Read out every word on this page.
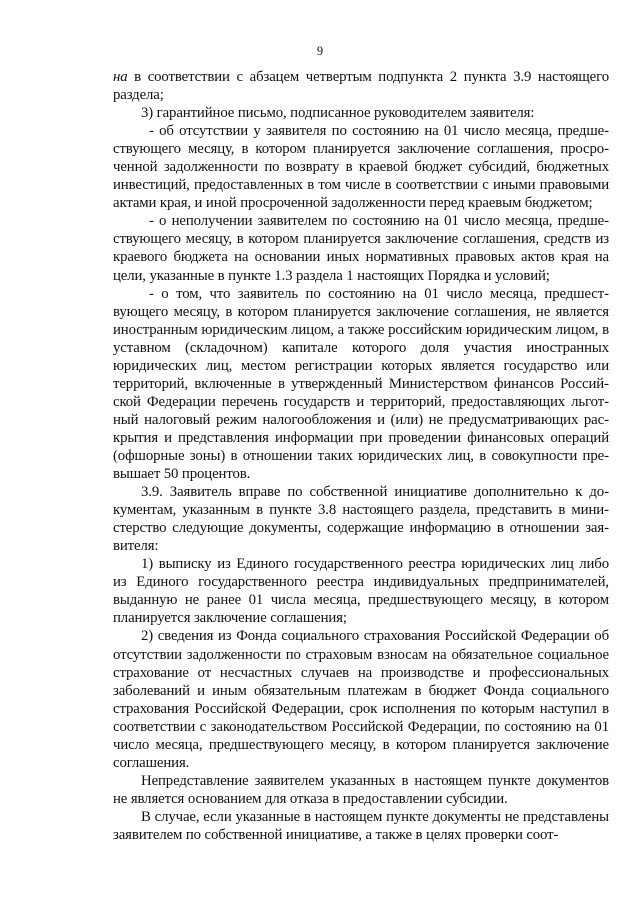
9

на в соответствии с абзацем четвертым подпункта 2 пункта 3.9 настоящего раздела;

3) гарантийное письмо, подписанное руководителем заявителя:

- об отсутствии у заявителя по состоянию на 01 число месяца, предшествующего месяцу, в котором планируется заключение соглашения, просроченной задолженности по возврату в краевой бюджет субсидий, бюджетных инвестиций, предоставленных в том числе в соответствии с иными правовыми актами края, и иной просроченной задолженности перед краевым бюджетом;

- о неполучении заявителем по состоянию на 01 число месяца, предшествующего месяцу, в котором планируется заключение соглашения, средств из краевого бюджета на основании иных нормативных правовых актов края на цели, указанные в пункте 1.3 раздела 1 настоящих Порядка и условий;

- о том, что заявитель по состоянию на 01 число месяца, предшествующего месяцу, в котором планируется заключение соглашения, не является иностранным юридическим лицом, а также российским юридическим лицом, в уставном (складочном) капитале которого доля участия иностранных юридических лиц, местом регистрации которых является государство или территорий, включенные в утвержденный Министерством финансов Российской Федерации перечень государств и территорий, предоставляющих льготный налоговый режим налогообложения и (или) не предусматривающих раскрытия и представления информации при проведении финансовых операций (офшорные зоны) в отношении таких юридических лиц, в совокупности превышает 50 процентов.

3.9. Заявитель вправе по собственной инициативе дополнительно к документам, указанным в пункте 3.8 настоящего раздела, представить в министерство следующие документы, содержащие информацию в отношении заявителя:

1) выписку из Единого государственного реестра юридических лиц либо из Единого государственного реестра индивидуальных предпринимателей, выданную не ранее 01 числа месяца, предшествующего месяцу, в котором планируется заключение соглашения;

2) сведения из Фонда социального страхования Российской Федерации об отсутствии задолженности по страховым взносам на обязательное социальное страхование от несчастных случаев на производстве и профессиональных заболеваний и иным обязательным платежам в бюджет Фонда социального страхования Российской Федерации, срок исполнения по которым наступил в соответствии с законодательством Российской Федерации, по состоянию на 01 число месяца, предшествующего месяцу, в котором планируется заключение соглашения.

Непредставление заявителем указанных в настоящем пункте документов не является основанием для отказа в предоставлении субсидии.

В случае, если указанные в настоящем пункте документы не представлены заявителем по собственной инициативе, а также в целях проверки соот-
